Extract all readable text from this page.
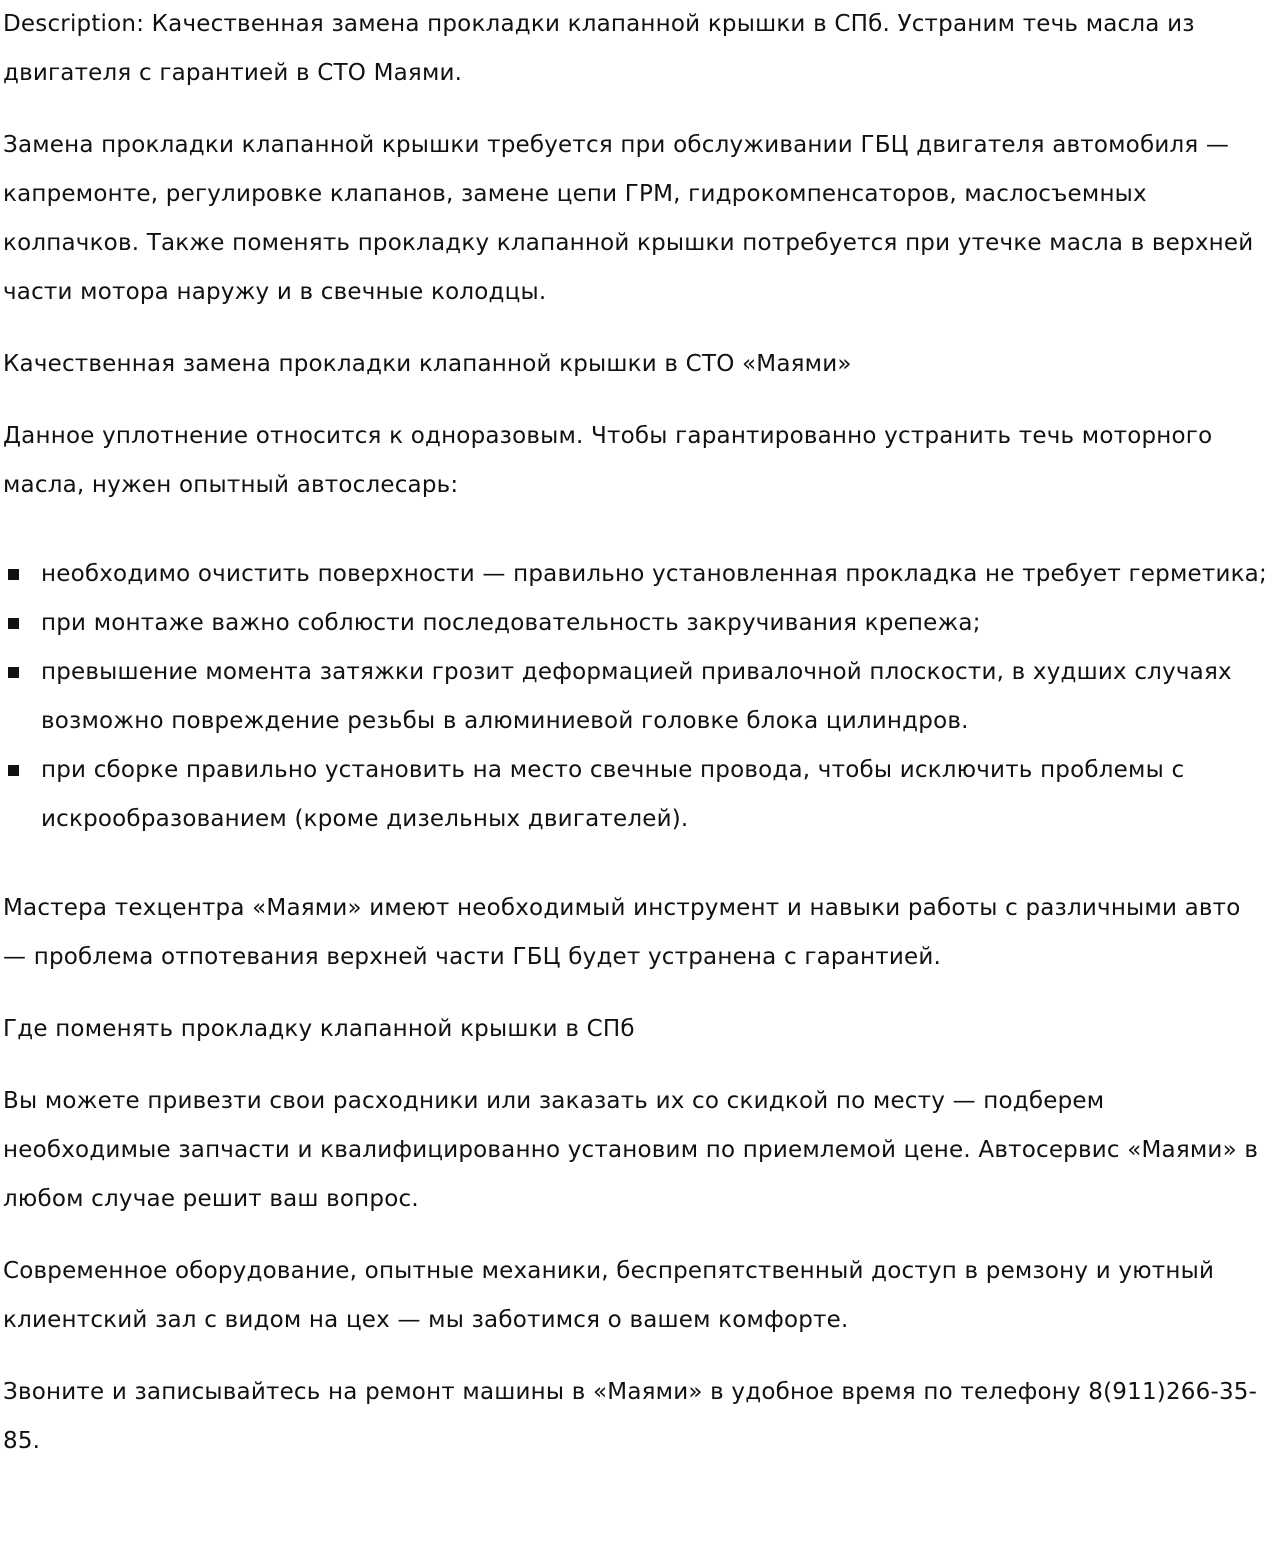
Description: Качественная замена прокладки клапанной крышки в СПб. Устраним течь масла из двигателя с гарантией в СТО Маями.

Замена прокладки клапанной крышки требуется при обслуживании ГБЦ двигателя автомобиля — капремонте, регулировке клапанов, замене цепи ГРМ, гидрокомпенсаторов, маслосъемных колпачков. Также поменять прокладку клапанной крышки потребуется при утечке масла в верхней части мотора наружу и в свечные колодцы.

Качественная замена прокладки клапанной крышки в СТО «Маями»

Данное уплотнение относится к одноразовым. Чтобы гарантированно устранить течь моторного масла, нужен опытный автослесарь:

необходимо очистить поверхности — правильно установленная прокладка не требует герметика;
при монтаже важно соблюсти последовательность закручивания крепежа;
превышение момента затяжки грозит деформацией привалочной плоскости, в худших случаях возможно повреждение резьбы в алюминиевой головке блока цилиндров.
при сборке правильно установить на место свечные провода, чтобы исключить проблемы с искрообразованием (кроме дизельных двигателей).

Мастера техцентра «Маями» имеют необходимый инструмент и навыки работы с различными авто — проблема отпотевания верхней части ГБЦ будет устранена с гарантией.

Где поменять прокладку клапанной крышки в СПб

Вы можете привезти свои расходники или заказать их со скидкой по месту — подберем необходимые запчасти и квалифицированно установим по приемлемой цене. Автосервис «Маями» в любом случае решит ваш вопрос.

Современное оборудование, опытные механики, беспрепятственный доступ в ремзону и уютный клиентский зал с видом на цех — мы заботимся о вашем комфорте.

Звоните и записывайтесь на ремонт машины в «Маями» в удобное время по телефону 8(911)266-35-85.
